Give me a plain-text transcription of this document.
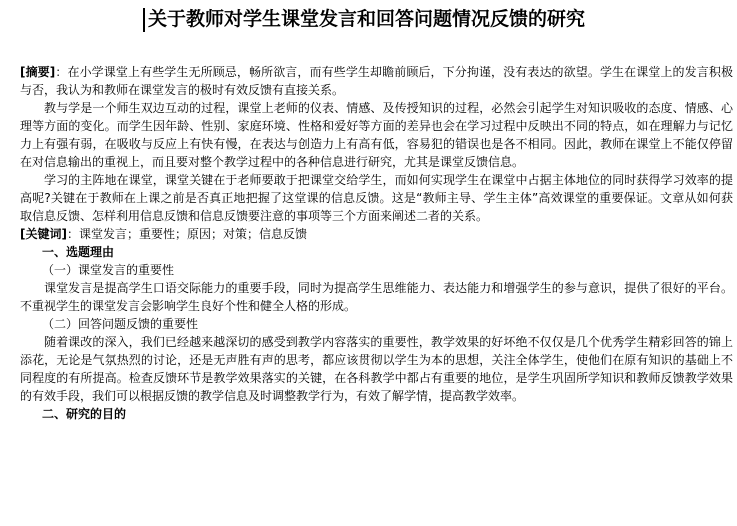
关于教师对学生课堂发言和回答问题情况反馈的研究

[摘要]：在小学课堂上有些学生无所顾忌，畅所欲言，而有些学生却瞻前顾后，下分拘谨，没有表达的欲望。学生在课堂上的发言积极与否，我认为和教师在课堂发言的极时有效反馈有直接关系。

教与学是一个师生双边互动的过程，课堂上老师的仪表、情感、及传授知识的过程，必然会引起学生对知识吸收的态度、情感、心理等方面的变化。而学生因年龄、性别、家庭环境、性格和爱好等方面的差异也会在学习过程中反映出不同的特点，如在理解力与记忆力上有强有弱，在吸收与反应上有快有慢，在表达与创造力上有高有低，容易犯的错误也是各不相同。因此，教师在课堂上不能仅停留在对信息输出的重视上，而且要对整个教学过程中的各种信息进行研究，尤其是课堂反馈信息。

学习的主阵地在课堂，课堂关键在于老师要敢于把课堂交给学生，而如何实现学生在课堂中占据主体地位的同时获得学习效率的提高呢?关键在于教师在上课之前是否真正地把握了这堂课的信息反馈。这是“教师主导、学生主体”高效课堂的重要保证。文章从如何获取信息反馈、怎样利用信息反馈和信息反馈要注意的事项等三个方面来阐述二者的关系。

[关键词]：课堂发言；重要性；原因；对策；信息反馈

一、选题理由

（一）课堂发言的重要性

课堂发言是提高学生口语交际能力的重要手段，同时为提高学生思维能力、表达能力和增强学生的参与意识，提供了很好的平台。不重视学生的课堂发言会影响学生良好个性和健全人格的形成。

（二）回答问题反馈的重要性

随着课改的深入，我们已经越来越深切的感受到教学内容落实的重要性，教学效果的好坏绝不仅仅是几个优秀学生精彩回答的锦上添花，无论是气氛热烈的讨论，还是无声胜有声的思考，都应该贯彻以学生为本的思想，关注全体学生，使他们在原有知识的基础上不同程度的有所提高。检查反馈环节是教学效果落实的关键，在各科教学中都占有重要的地位，是学生巩固所学知识和教师反馈教学效果的有效手段，我们可以根据反馈的教学信息及时调整教学行为，有效了解学情，提高教学效率。

二、研究的目的
